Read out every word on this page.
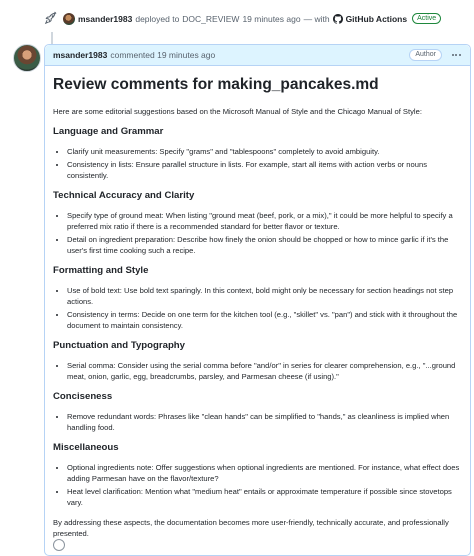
msander1983 deployed to DOC_REVIEW 19 minutes ago — with GitHub Actions	Active
msander1983 commented 19 minutes ago	Author
Review comments for making_pancakes.md

Here are some editorial suggestions based on the Microsoft Manual of Style and the Chicago Manual of Style:

Language and Grammar
• Clarify unit measurements: Specify "grams" and "tablespoons" completely to avoid ambiguity.
• Consistency in lists: Ensure parallel structure in lists. For example, start all items with action verbs or nouns consistently.
Technical Accuracy and Clarity
• Specify type of ground meat: When listing "ground meat (beef, pork, or a mix)," it could be more helpful to specify a preferred mix ratio if there is a recommended standard for better flavor or texture.
• Detail on ingredient preparation: Describe how finely the onion should be chopped or how to mince garlic if it's the user's first time cooking such a recipe.
Formatting and Style
• Use of bold text: Use bold text sparingly. In this context, bold might only be necessary for section headings not step actions.
• Consistency in terms: Decide on one term for the kitchen tool (e.g., "skillet" vs. "pan") and stick with it throughout the document to maintain consistency.
Punctuation and Typography
• Serial comma: Consider using the serial comma before "and/or" in series for clearer comprehension, e.g., "...ground meat, onion, garlic, egg, breadcrumbs, parsley, and Parmesan cheese (if using)."
Conciseness
• Remove redundant words: Phrases like "clean hands" can be simplified to "hands," as cleanliness is implied when handling food.
Miscellaneous
• Optional ingredients note: Offer suggestions when optional ingredients are mentioned. For instance, what effect does adding Parmesan have on the flavor/texture?
• Heat level clarification: Mention what "medium heat" entails or approximate temperature if possible since stovetops vary.

By addressing these aspects, the documentation becomes more user-friendly, technically accurate, and professionally presented.
